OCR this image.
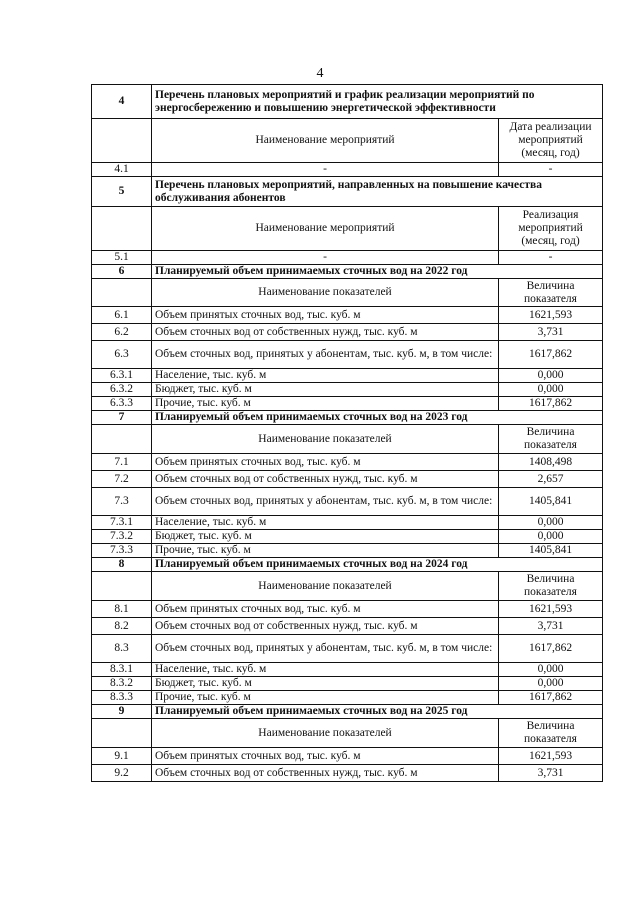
4
4	Перечень плановых мероприятий и график реализации мероприятий по энергосбережению и повышению энергетической эффективности	
	Наименование мероприятий	Дата реализации мероприятий (месяц, год)
4.1	-	-
5	Перечень плановых мероприятий, направленных на повышение качества обслуживания абонентов	
	Наименование мероприятий	Реализация мероприятий (месяц, год)
5.1	-	-
6	Планируемый объем принимаемых сточных вод на 2022 год	
	Наименование показателей	Величина показателя
6.1	Объем принятых сточных вод, тыс. куб. м	1621,593
6.2	Объем сточных вод от собственных нужд, тыс. куб. м	3,731
6.3	Объем сточных вод, принятых у абонентам, тыс. куб. м, в том числе:	1617,862
6.3.1	Население, тыс. куб. м	0,000
6.3.2	Бюджет, тыс. куб. м	0,000
6.3.3	Прочие, тыс. куб. м	1617,862
7	Планируемый объем принимаемых сточных вод на 2023 год	
	Наименование показателей	Величина показателя
7.1	Объем принятых сточных вод, тыс. куб. м	1408,498
7.2	Объем сточных вод от собственных нужд, тыс. куб. м	2,657
7.3	Объем сточных вод, принятых у абонентам, тыс. куб. м, в том числе:	1405,841
7.3.1	Население, тыс. куб. м	0,000
7.3.2	Бюджет, тыс. куб. м	0,000
7.3.3	Прочие, тыс. куб. м	1405,841
8	Планируемый объем принимаемых сточных вод на 2024 год	
	Наименование показателей	Величина показателя
8.1	Объем принятых сточных вод, тыс. куб. м	1621,593
8.2	Объем сточных вод от собственных нужд, тыс. куб. м	3,731
8.3	Объем сточных вод, принятых у абонентам, тыс. куб. м, в том числе:	1617,862
8.3.1	Население, тыс. куб. м	0,000
8.3.2	Бюджет, тыс. куб. м	0,000
8.3.3	Прочие, тыс. куб. м	1617,862
9	Планируемый объем принимаемых сточных вод на 2025 год	
	Наименование показателей	Величина показателя
9.1	Объем принятых сточных вод, тыс. куб. м	1621,593
9.2	Объем сточных вод от собственных нужд, тыс. куб. м	3,731
